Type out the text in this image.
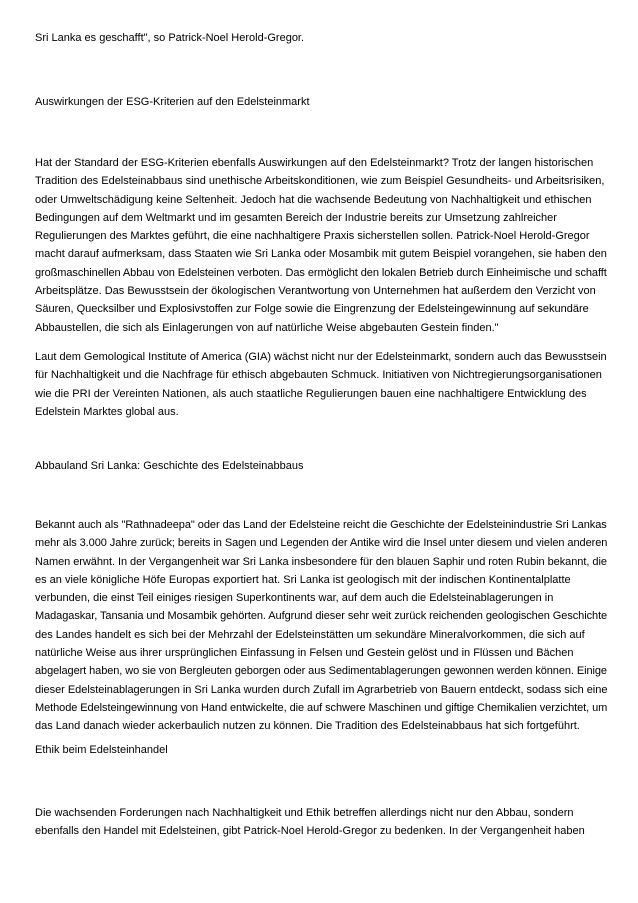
Sri Lanka es geschafft", so Patrick-Noel Herold-Gregor.

Auswirkungen der ESG-Kriterien auf den Edelsteinmarkt

Hat der Standard der ESG-Kriterien ebenfalls Auswirkungen auf den Edelsteinmarkt? Trotz der langen historischen
Tradition des Edelsteinabbaus sind unethische Arbeitskonditionen, wie zum Beispiel Gesundheits- und Arbeitsrisiken,
oder Umweltschädigung keine Seltenheit. Jedoch hat die wachsende Bedeutung von Nachhaltigkeit und ethischen
Bedingungen auf dem Weltmarkt und im gesamten Bereich der Industrie bereits zur Umsetzung zahlreicher
Regulierungen des Marktes geführt, die eine nachhaltigere Praxis sicherstellen sollen. Patrick-Noel Herold-Gregor
macht darauf aufmerksam, dass Staaten wie Sri Lanka oder Mosambik mit gutem Beispiel vorangehen, sie haben den
großmaschinellen Abbau von Edelsteinen verboten. Das ermöglicht den lokalen Betrieb durch Einheimische und schafft
Arbeitsplätze. Das Bewusstsein der ökologischen Verantwortung von Unternehmen hat außerdem den Verzicht von
Säuren, Quecksilber und Explosivstoffen zur Folge sowie die Eingrenzung der Edelsteingewinnung auf sekundäre
Abbaustellen, die sich als Einlagerungen von auf natürliche Weise abgebauten Gestein finden."

Laut dem Gemological Institute of America (GIA) wächst nicht nur der Edelsteinmarkt, sondern auch das Bewusstsein
für Nachhaltigkeit und die Nachfrage für ethisch abgebauten Schmuck. Initiativen von Nichtregierungsorganisationen
wie die PRI der Vereinten Nationen, als auch staatliche Regulierungen bauen eine nachhaltigere Entwicklung des
Edelstein Marktes global aus.

Abbauland Sri Lanka: Geschichte des Edelsteinabbaus

Bekannt auch als "Rathnadeepa" oder das Land der Edelsteine reicht die Geschichte der Edelsteinindustrie Sri Lankas
mehr als 3.000 Jahre zurück; bereits in Sagen und Legenden der Antike wird die Insel unter diesem und vielen anderen
Namen erwähnt. In der Vergangenheit war Sri Lanka insbesondere für den blauen Saphir und roten Rubin bekannt, die
es an viele königliche Höfe Europas exportiert hat. Sri Lanka ist geologisch mit der indischen Kontinentalplatte
verbunden, die einst Teil einiges riesigen Superkontinents war, auf dem auch die Edelsteinablagerungen in
Madagaskar, Tansania und Mosambik gehörten. Aufgrund dieser sehr weit zurück reichenden geologischen Geschichte
des Landes handelt es sich bei der Mehrzahl der Edelsteinstätten um sekundäre Mineralvorkommen, die sich auf
natürliche Weise aus ihrer ursprünglichen Einfassung in Felsen und Gestein gelöst und in Flüssen und Bächen
abgelagert haben, wo sie von Bergleuten geborgen oder aus Sedimentablagerungen gewonnen werden können. Einige
dieser Edelsteinablagerungen in Sri Lanka wurden durch Zufall im Agrarbetrieb von Bauern entdeckt, sodass sich eine
Methode Edelsteingewinnung von Hand entwickelte, die auf schwere Maschinen und giftige Chemikalien verzichtet, um
das Land danach wieder ackerbaulich nutzen zu können. Die Tradition des Edelsteinabbaus hat sich fortgeführt.

Ethik beim Edelsteinhandel

Die wachsenden Forderungen nach Nachhaltigkeit und Ethik betreffen allerdings nicht nur den Abbau, sondern
ebenfalls den Handel mit Edelsteinen, gibt Patrick-Noel Herold-Gregor zu bedenken. In der Vergangenheit haben
